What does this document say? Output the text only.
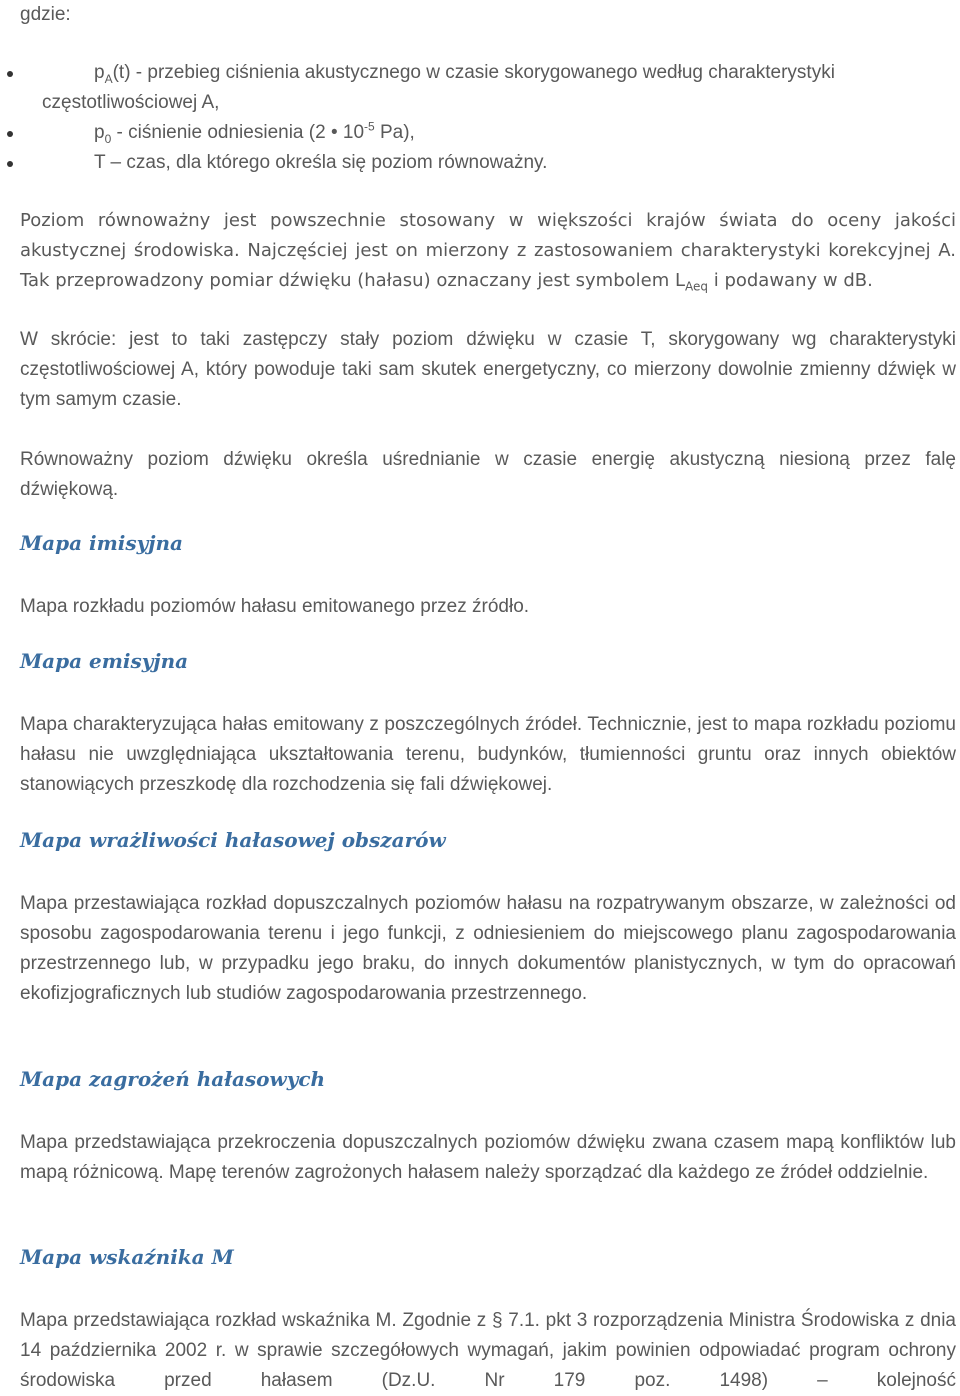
gdzie:
$p_A(t)$ - przebieg ciśnienia akustycznego w czasie skorygowanego według charakterystyki
częstotliwościowej A,
$p_0$ - ciśnienie odniesienia (2 • $10^{-5}$ Pa),
T – czas, dla którego określa się poziom równoważny.

Poziom równoważny jest powszechnie stosowany w większości krajów świata do oceny jakości akustycznej środowiska. Najczęściej jest on mierzony z zastosowaniem charakterystyki korekcyjnej A. Tak przeprowadzony pomiar dźwięku (hałasu) oznaczany jest symbolem $L_{Aeq}$ i podawany w dB.

W skrócie: jest to taki zastępczy stały poziom dźwięku w czasie T, skorygowany wg charakterystyki częstotliwościowej A, który powoduje taki sam skutek energetyczny, co mierzony dowolnie zmienny dźwięk w tym samym czasie.

Równoważny poziom dźwięku określa uśrednianie w czasie energię akustyczną niesioną przez falę dźwiękową.

Mapa imisyjna

Mapa rozkładu poziomów hałasu emitowanego przez źródło.

Mapa emisyjna

Mapa charakteryzująca hałas emitowany z poszczególnych źródeł. Technicznie, jest to mapa rozkładu poziomu hałasu nie uwzględniająca ukształtowania terenu, budynków, tłumienności gruntu oraz innych obiektów stanowiących przeszkodę dla rozchodzenia się fali dźwiękowej.

Mapa wrażliwości hałasowej obszarów

Mapa przestawiająca rozkład dopuszczalnych poziomów hałasu na rozpatrywanym obszarze, w zależności od sposobu zagospodarowania terenu i jego funkcji, z odniesieniem do miejscowego planu zagospodarowania przestrzennego lub, w przypadku jego braku, do innych dokumentów planistycznych, w tym do opracowań ekofizjograficznych lub studiów zagospodarowania przestrzennego.

Mapa zagrożeń hałasowych

Mapa przedstawiająca przekroczenia dopuszczalnych poziomów dźwięku zwana czasem mapą konfliktów lub mapą różnicową. Mapę terenów zagrożonych hałasem należy sporządzać dla każdego ze źródeł oddzielnie.

Mapa wskaźnika M

Mapa przedstawiająca rozkład wskaźnika M. Zgodnie z § 7.1. pkt 3 rozporządzenia Ministra Środowiska z dnia 14 października 2002 r. w sprawie szczegółowych wymagań, jakim powinien odpowiadać program ochrony środowiska przed hałasem (Dz.U. Nr 179 poz. 1498) – kolejność
